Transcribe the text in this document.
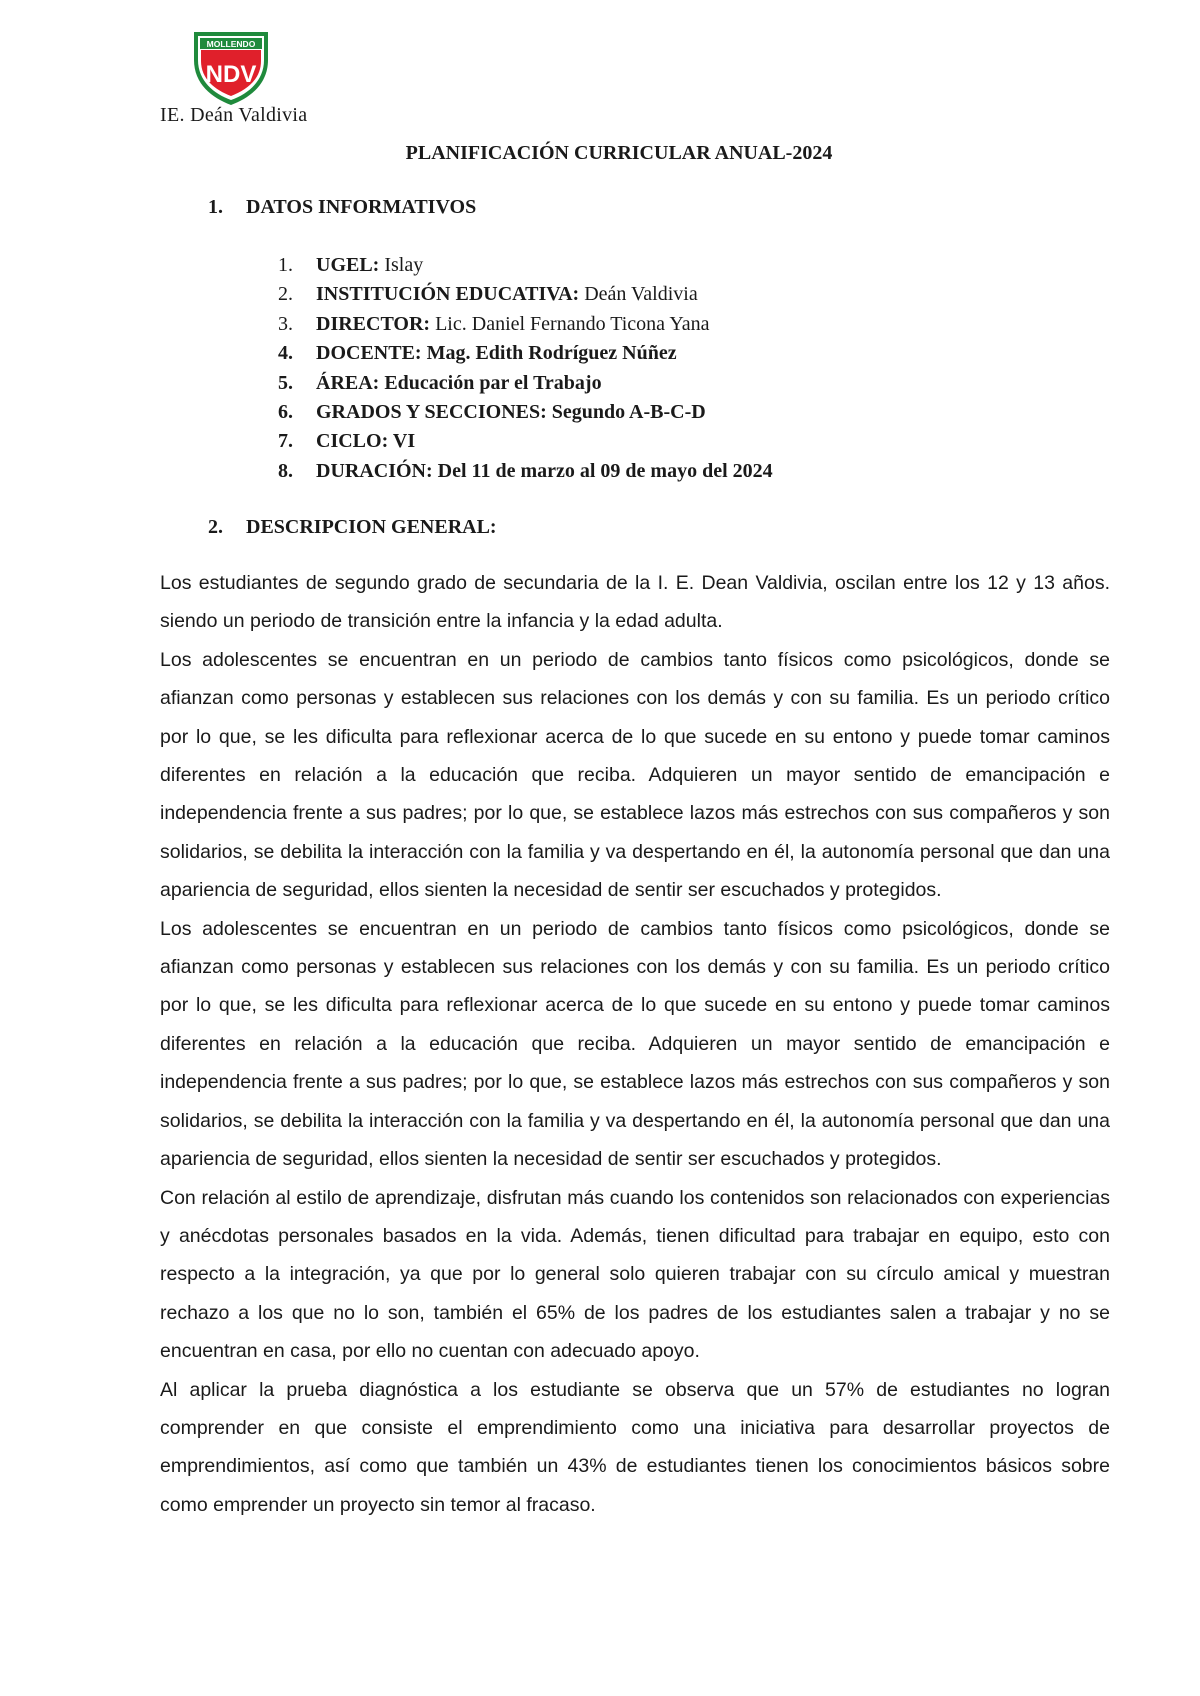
MOLLENDO
NDV

IE. Deán Valdivia

PLANIFICACIÓN CURRICULAR ANUAL-2024
1. DATOS INFORMATIVOS
1. UGEL: Islay
2. INSTITUCIÓN EDUCATIVA: Deán Valdivia
3. DIRECTOR: Lic. Daniel Fernando Ticona Yana
4. DOCENTE: Mag. Edith Rodríguez Núñez
5. ÁREA: Educación par el Trabajo
6. GRADOS Y SECCIONES: Segundo A-B-C-D
7. CICLO: VI
8. DURACIÓN: Del 11 de marzo al 09 de mayo del 2024
2. DESCRIPCION GENERAL:

Los estudiantes de segundo grado de secundaria de la I. E. Dean Valdivia, oscilan entre los 12 y 13 años. siendo un periodo de transición entre la infancia y la edad adulta.

Los adolescentes se encuentran en un periodo de cambios tanto físicos como psicológicos, donde se afianzan como personas y establecen sus relaciones con los demás y con su familia. Es un periodo crítico por lo que, se les dificulta para reflexionar acerca de lo que sucede en su entono y puede tomar caminos diferentes en relación a la educación que reciba. Adquieren un mayor sentido de emancipación e independencia frente a sus padres; por lo que, se establece lazos más estrechos con sus compañeros y son solidarios, se debilita la interacción con la familia y va despertando en él, la autonomía personal que dan una apariencia de seguridad, ellos sienten la necesidad de sentir ser escuchados y protegidos.

Los adolescentes se encuentran en un periodo de cambios tanto físicos como psicológicos, donde se afianzan como personas y establecen sus relaciones con los demás y con su familia. Es un periodo crítico por lo que, se les dificulta para reflexionar acerca de lo que sucede en su entono y puede tomar caminos diferentes en relación a la educación que reciba. Adquieren un mayor sentido de emancipación e independencia frente a sus padres; por lo que, se establece lazos más estrechos con sus compañeros y son solidarios, se debilita la interacción con la familia y va despertando en él, la autonomía personal que dan una apariencia de seguridad, ellos sienten la necesidad de sentir ser escuchados y protegidos.

Con relación al estilo de aprendizaje, disfrutan más cuando los contenidos son relacionados con experiencias y anécdotas personales basados en la vida. Además, tienen dificultad para trabajar en equipo, esto con respecto a la integración, ya que por lo general solo quieren trabajar con su círculo amical y muestran rechazo a los que no lo son, también el 65% de los padres de los estudiantes salen a trabajar y no se encuentran en casa, por ello no cuentan con adecuado apoyo.

Al aplicar la prueba diagnóstica a los estudiante se observa que un 57% de estudiantes no logran comprender en que consiste el emprendimiento como una iniciativa para desarrollar proyectos de emprendimientos, así como que también un 43% de estudiantes tienen los conocimientos básicos sobre como emprender un proyecto sin temor al fracaso.
